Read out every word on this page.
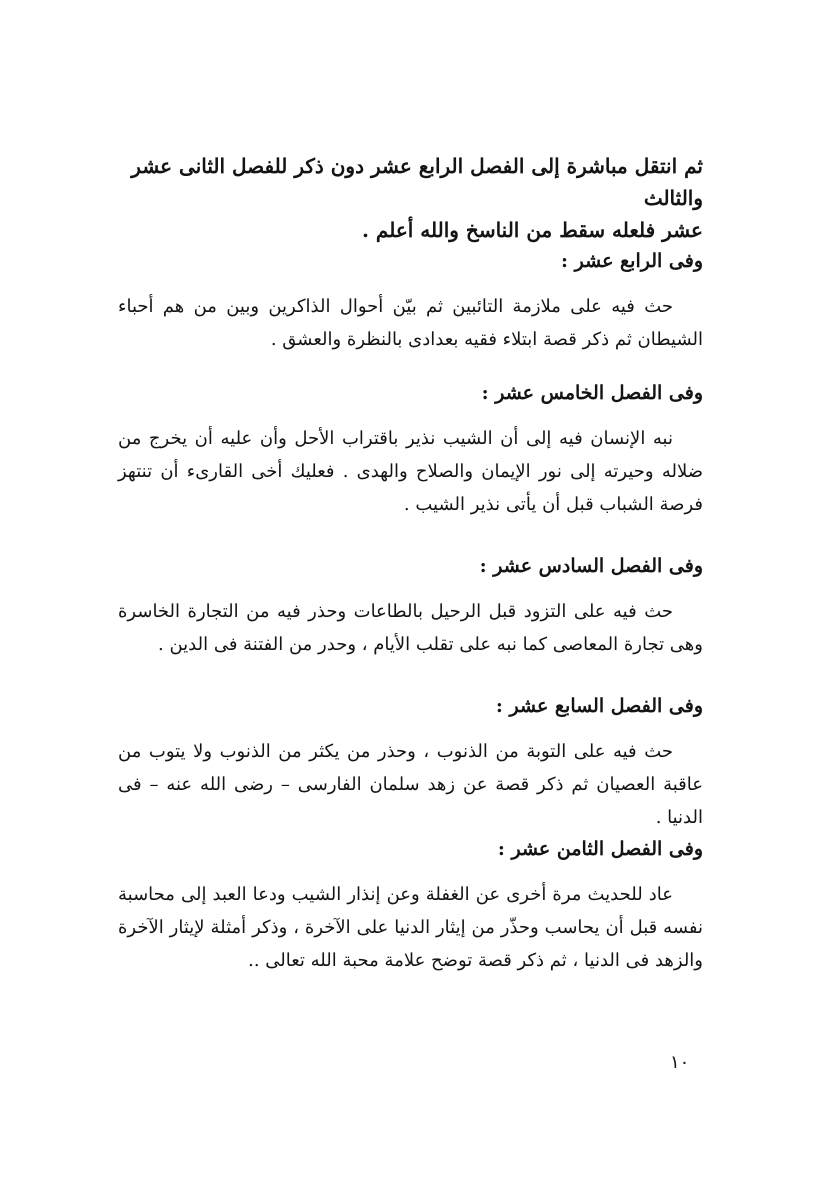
ثم انتقل مباشرة إلى الفصل الرابع عشر دون ذكر للفصل الثانى عشر والثالث
عشر فلعله سقط من الناسخ والله أعلم .
وفى الرابع عشر :

حث فيه على ملازمة التائبين ثم بيّن أحوال الذاكرين وبين من هم أحباء الشيطان ثم ذكر قصة ابتلاء فقيه بعدادى بالنظرة والعشق .

وفى الفصل الخامس عشر :

نبه الإنسان فيه إلى أن الشيب نذير باقتراب الأحل وأن عليه أن يخرج من ضلاله وحيرته إلى نور الإيمان والصلاح والهدى . فعليك أخى القارىء أن تنتهز فرصة الشباب قبل أن يأتى نذير الشيب .

وفى الفصل السادس عشر :

حث فيه على التزود قبل الرحيل بالطاعات وحذر فيه من التجارة الخاسرة وهى تجارة المعاصى كما نبه على تقلب الأيام ، وحدر من الفتنة فى الدين .

وفى الفصل السابع عشر :

حث فيه على التوبة من الذنوب ، وحذر من يكثر من الذنوب ولا يتوب من عاقبة العصيان ثم ذكر قصة عن زهد سلمان الفارسى – رضى الله عنه – فى الدنيا .

وفى الفصل الثامن عشر :

عاد للحديث مرة أخرى عن الغفلة وعن إنذار الشيب ودعا العبد إلى محاسبة نفسه قبل أن يحاسب وحذّر من إيثار الدنيا على الآخرة ، وذكر أمثلة لإيثار الآخرة والزهد فى الدنيا ، ثم ذكر قصة توضح علامة محبة الله تعالى ..

١٠
